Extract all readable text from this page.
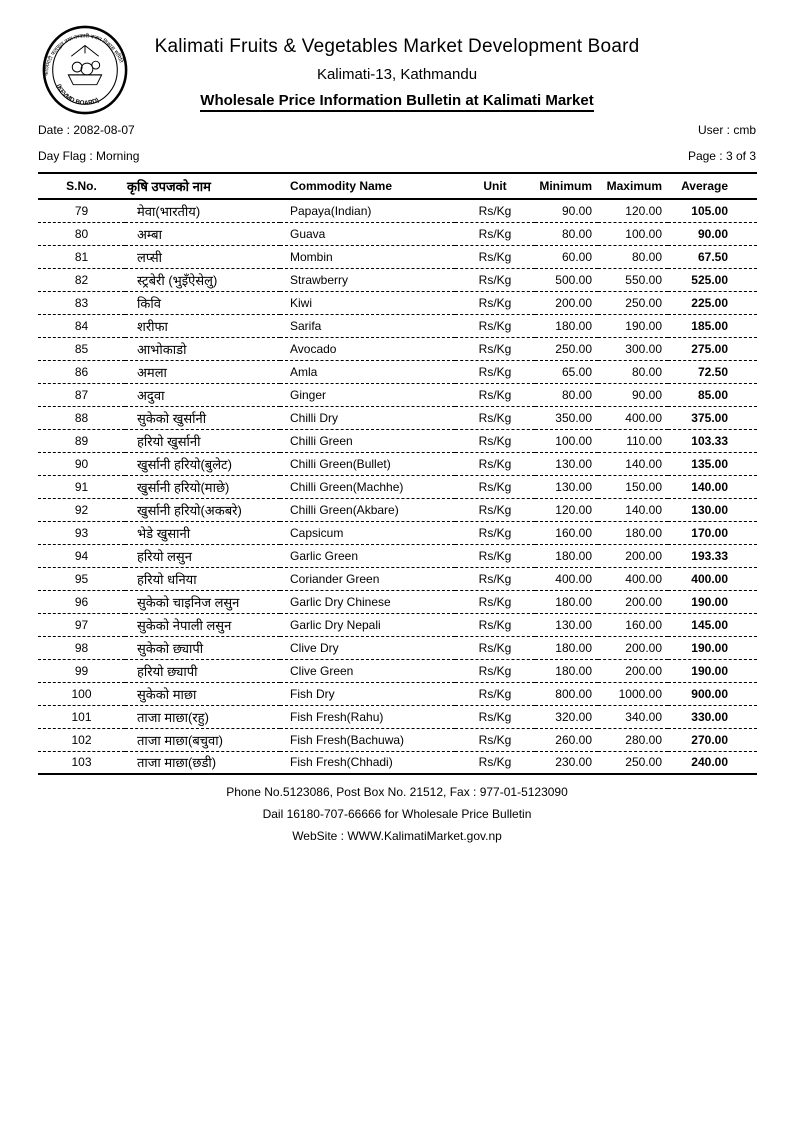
कालिमाटी फलफूल तथा तरकारी बजार विकास समिति
(KFVMD BOARD)
Kalimati Fruits & Vegetables Market Development Board
Kalimati-13, Kathmandu
Wholesale Price Information Bulletin at Kalimati Market
Date : 2082-08-07	User : cmb
Day Flag : Morning	Page : 3 of 3
S.No.	कृषि उपजको नाम	Commodity Name	Unit	Minimum	Maximum	Average
79	मेवा(भारतीय)	Papaya(Indian)	Rs/Kg	90.00	120.00	105.00
80	अम्बा	Guava	Rs/Kg	80.00	100.00	90.00
81	लप्सी	Mombin	Rs/Kg	60.00	80.00	67.50
82	स्ट्रबेरी (भुइँऐसेलु)	Strawberry	Rs/Kg	500.00	550.00	525.00
83	किवि	Kiwi	Rs/Kg	200.00	250.00	225.00
84	शरीफा	Sarifa	Rs/Kg	180.00	190.00	185.00
85	आभोकाडो	Avocado	Rs/Kg	250.00	300.00	275.00
86	अमला	Amla	Rs/Kg	65.00	80.00	72.50
87	अदुवा	Ginger	Rs/Kg	80.00	90.00	85.00
88	सुकेको खुर्सानी	Chilli Dry	Rs/Kg	350.00	400.00	375.00
89	हरियो खुर्सानी	Chilli Green	Rs/Kg	100.00	110.00	103.33
90	खुर्सानी हरियो(बुलेट)	Chilli Green(Bullet)	Rs/Kg	130.00	140.00	135.00
91	खुर्सानी हरियो(माछे)	Chilli Green(Machhe)	Rs/Kg	130.00	150.00	140.00
92	खुर्सानी हरियो(अकबरे)	Chilli Green(Akbare)	Rs/Kg	120.00	140.00	130.00
93	भेडे खुसानी	Capsicum	Rs/Kg	160.00	180.00	170.00
94	हरियो लसुन	Garlic Green	Rs/Kg	180.00	200.00	193.33
95	हरियो धनिया	Coriander Green	Rs/Kg	400.00	400.00	400.00
96	सुकेको चाइनिज लसुन	Garlic Dry Chinese	Rs/Kg	180.00	200.00	190.00
97	सुकेको नेपाली लसुन	Garlic Dry Nepali	Rs/Kg	130.00	160.00	145.00
98	सुकेको छ्यापी	Clive Dry	Rs/Kg	180.00	200.00	190.00
99	हरियो छ्यापी	Clive Green	Rs/Kg	180.00	200.00	190.00
100	सुकेको माछा	Fish Dry	Rs/Kg	800.00	1000.00	900.00
101	ताजा माछा(रहु)	Fish Fresh(Rahu)	Rs/Kg	320.00	340.00	330.00
102	ताजा माछा(बचुवा)	Fish Fresh(Bachuwa)	Rs/Kg	260.00	280.00	270.00
103	ताजा माछा(छडी)	Fish Fresh(Chhadi)	Rs/Kg	230.00	250.00	240.00
Phone No.5123086, Post Box No. 21512, Fax : 977-01-5123090
Dail 16180-707-66666 for Wholesale Price Bulletin
WebSite : WWW.KalimatiMarket.gov.np
